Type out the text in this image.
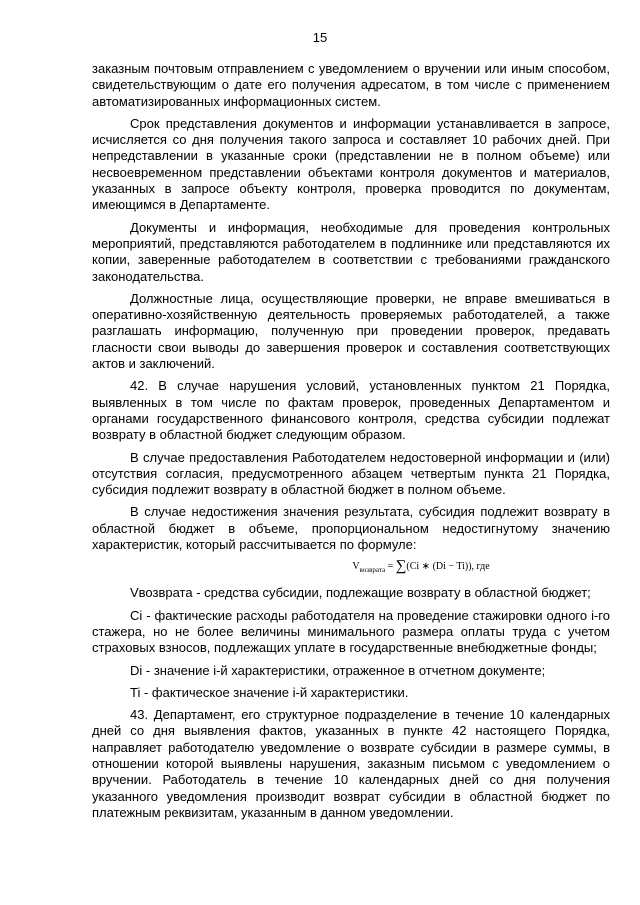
15

заказным почтовым отправлением с уведомлением о вручении или иным способом, свидетельствующим о дате его получения адресатом, в том числе с применением автоматизированных информационных систем.

Срок представления документов и информации устанавливается в запросе, исчисляется со дня получения такого запроса и составляет 10 рабочих дней. При непредставлении в указанные сроки (представлении не в полном объеме) или несвоевременном представлении объектами контроля документов и материалов, указанных в запросе объекту контроля, проверка проводится по документам, имеющимся в Департаменте.

Документы и информация, необходимые для проведения контрольных мероприятий, представляются работодателем в подлиннике или представляются их копии, заверенные работодателем в соответствии с требованиями гражданского законодательства.

Должностные лица, осуществляющие проверки, не вправе вмешиваться в оперативно-хозяйственную деятельность проверяемых работодателей, а также разглашать информацию, полученную при проведении проверок, предавать гласности свои выводы до завершения проверок и составления соответствующих актов и заключений.

42. В случае нарушения условий, установленных пунктом 21 Порядка, выявленных в том числе по фактам проверок, проведенных Департаментом и органами государственного финансового контроля, средства субсидии подлежат возврату в областной бюджет следующим образом.

В случае предоставления Работодателем недостоверной информации и (или) отсутствия согласия, предусмотренного абзацем четвертым пункта 21 Порядка, субсидия подлежит возврату в областной бюджет в полном объеме.

В случае недостижения значения результата, субсидия подлежит возврату в областной бюджет в объеме, пропорциональном недостигнутому значению характеристик, который рассчитывается по формуле:

$V_{возврата} = \sum(Ci$ ∗ (Di − Ti)), где

Vвозврата - средства субсидии, подлежащие возврату в областной бюджет;

Ci - фактические расходы работодателя на проведение стажировки одного i-го стажера, но не более величины минимального размера оплаты труда с учетом страховых взносов, подлежащих уплате в государственные внебюджетные фонды;

Di - значение i-й характеристики, отраженное в отчетном документе;

Ti - фактическое значение i-й характеристики.

43. Департамент, его структурное подразделение в течение 10 календарных дней со дня выявления фактов, указанных в пункте 42 настоящего Порядка, направляет работодателю уведомление о возврате субсидии в размере суммы, в отношении которой выявлены нарушения, заказным письмом с уведомлением о вручении. Работодатель в течение 10 календарных дней со дня получения указанного уведомления производит возврат субсидии в областной бюджет по платежным реквизитам, указанным в данном уведомлении.
